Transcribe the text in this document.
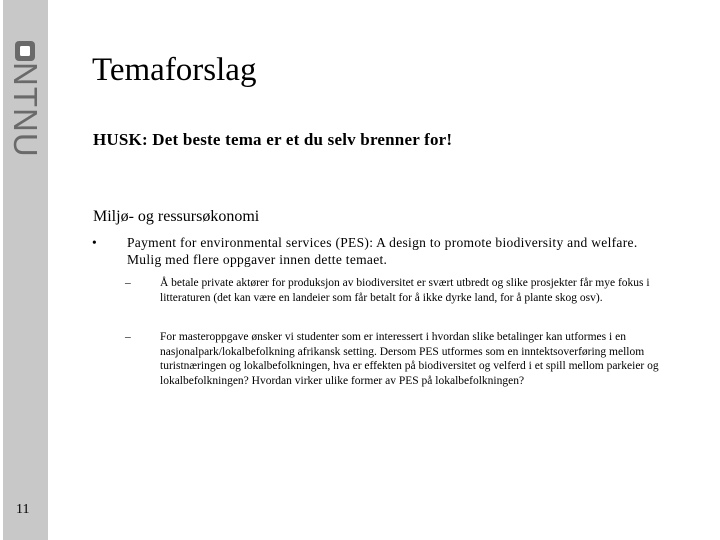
NTNU
11
Temaforslag
HUSK: Det beste tema er et du selv brenner for!
Miljø- og ressursøkonomi
• Payment for environmental services (PES): A design to promote biodiversity and welfare. Mulig med flere oppgaver innen dette temaet.
–	Å betale private aktører for produksjon av biodiversitet er svært utbredt og slike prosjekter får mye fokus i litteraturen (det kan være en landeier som får betalt for å ikke dyrke land, for å plante skog osv).
–	For masteroppgave ønsker vi studenter som er interessert i hvordan slike betalinger kan utformes i en nasjonalpark/lokalbefolkning afrikansk setting. Dersom PES utformes som en inntektsoverføring mellom turistnæringen og lokalbefolkningen, hva er effekten på biodiversitet og velferd i et spill mellom parkeier og lokalbefolkningen? Hvordan virker ulike former av PES på lokalbefolkningen?
